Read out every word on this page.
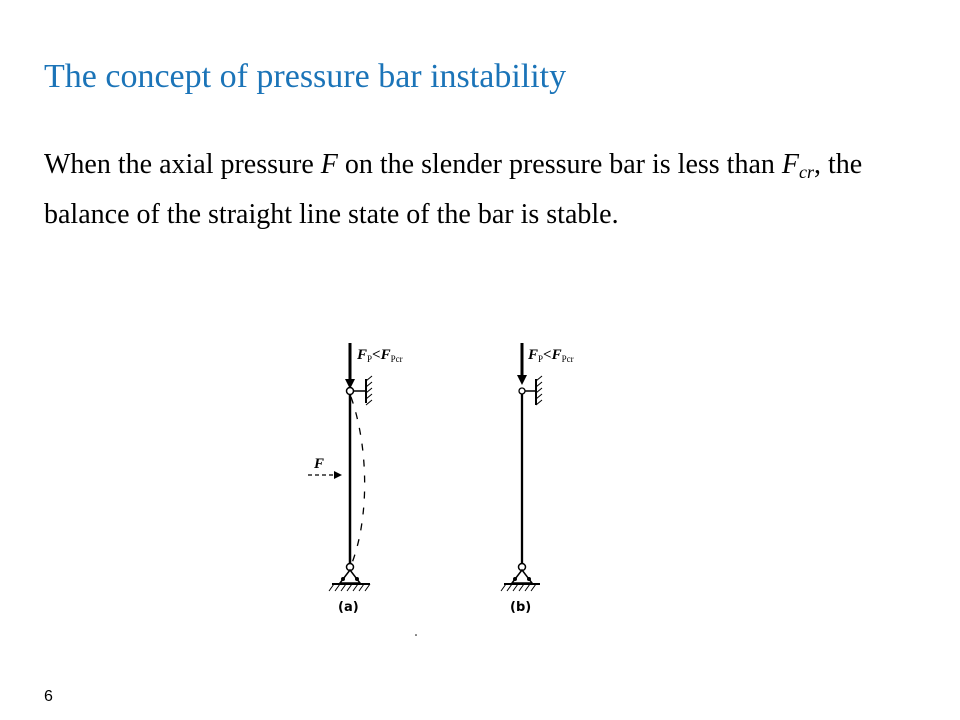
The concept of pressure bar instability

When the axial pressure F on the slender pressure bar is less than $F_{cr}$, the balance of the straight line state of the bar is stable.

F
$F_P<F_{Pcr}$
(a)
$F_P<F_{Pcr}$
(b)
6
